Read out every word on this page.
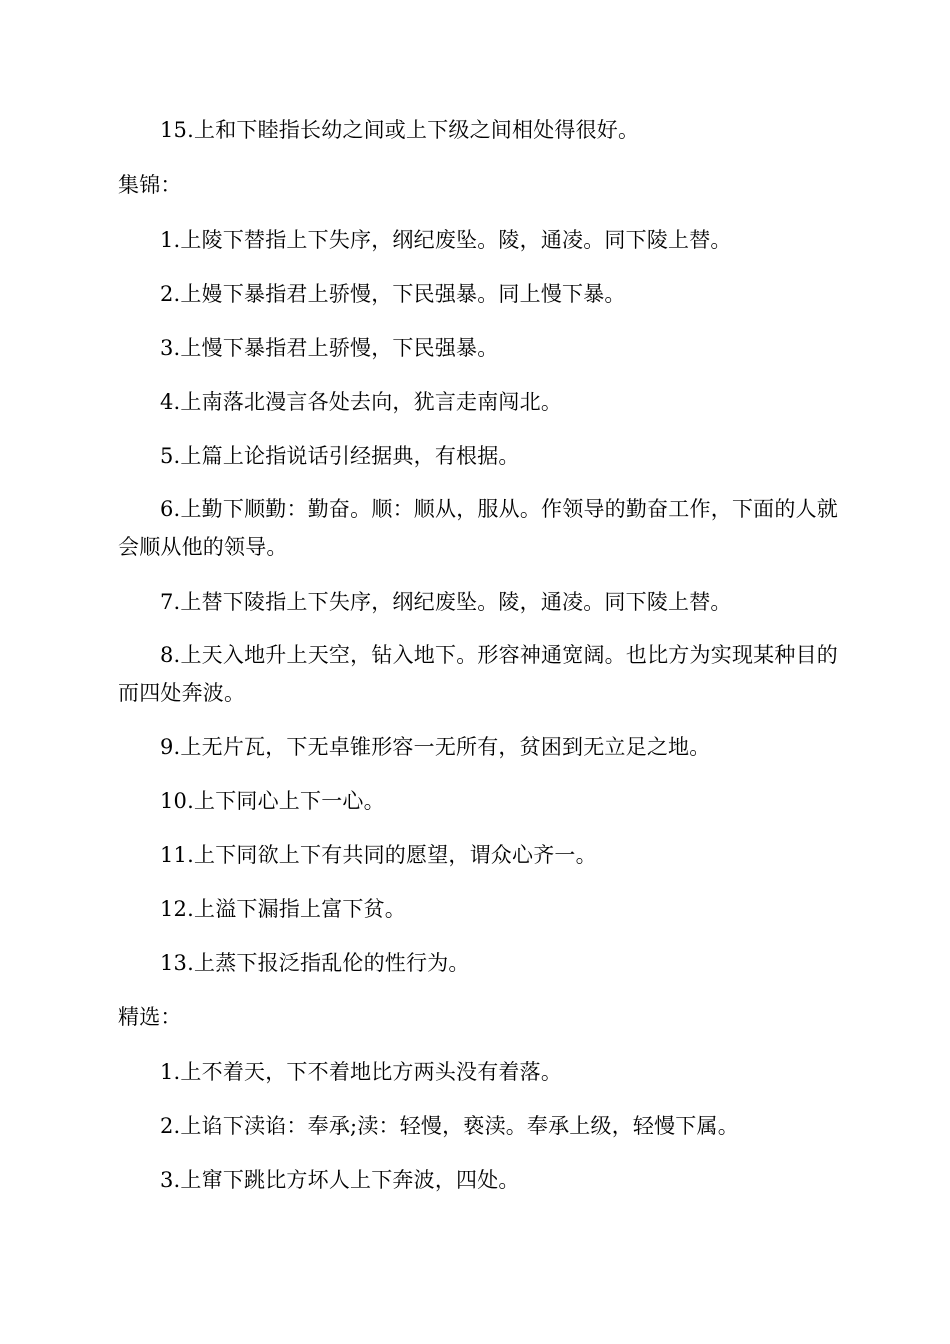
15.上和下睦指长幼之间或上下级之间相处得很好。
集锦：
1.上陵下替指上下失序，纲纪废坠。陵，通凌。同下陵上替。
2.上嫚下暴指君上骄慢，下民强暴。同上慢下暴。
3.上慢下暴指君上骄慢，下民强暴。
4.上南落北漫言各处去向，犹言走南闯北。
5.上篇上论指说话引经据典，有根据。
6.上勤下顺勤：勤奋。顺：顺从，服从。作领导的勤奋工作，下面的人就会顺从他的领导。
7.上替下陵指上下失序，纲纪废坠。陵，通凌。同下陵上替。
8.上天入地升上天空，钻入地下。形容神通宽阔。也比方为实现某种目的而四处奔波。
9.上无片瓦，下无卓锥形容一无所有，贫困到无立足之地。
10.上下同心上下一心。
11.上下同欲上下有共同的愿望，谓众心齐一。
12.上溢下漏指上富下贫。
13.上蒸下报泛指乱伦的性行为。
精选：
1.上不着天，下不着地比方两头没有着落。
2.上谄下渎谄：奉承;渎：轻慢，亵渎。奉承上级，轻慢下属。
3.上窜下跳比方坏人上下奔波，四处。
